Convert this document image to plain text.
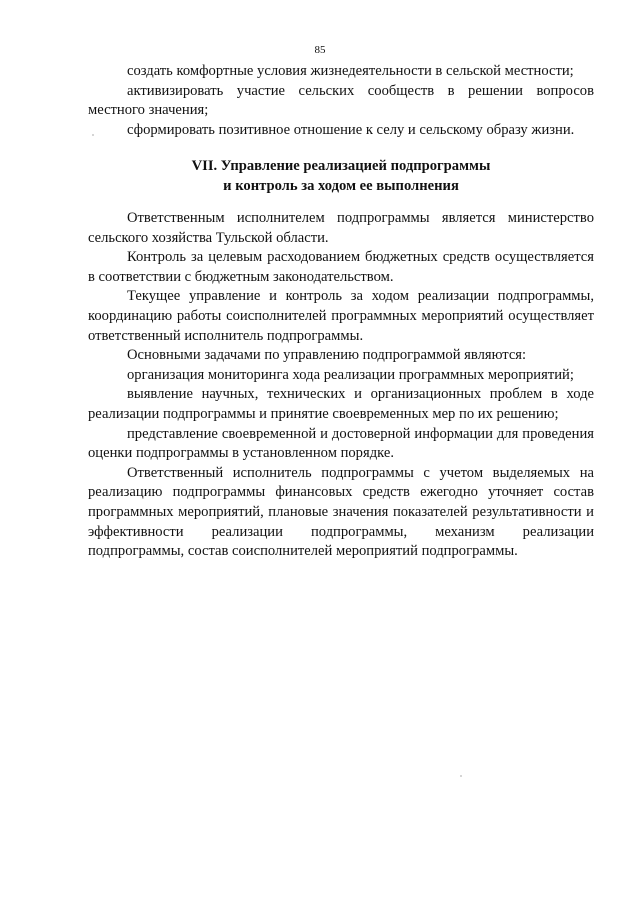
85

создать комфортные условия жизнедеятельности в сельской местности;

активизировать участие сельских сообществ в решении вопросов местного значения;

сформировать позитивное отношение к селу и сельскому образу жизни.

VII. Управление реализацией подпрограммы
и контроль за ходом ее выполнения

Ответственным исполнителем подпрограммы является министерство сельского хозяйства Тульской области.

Контроль за целевым расходованием бюджетных средств осуществляется в соответствии с бюджетным законодательством.

Текущее управление и контроль за ходом реализации подпрограммы, координацию работы соисполнителей программных мероприятий осуществляет ответственный исполнитель подпрограммы.

Основными задачами по управлению подпрограммой являются:

организация мониторинга хода реализации программных мероприятий;

выявление научных, технических и организационных проблем в ходе реализации подпрограммы и принятие своевременных мер по их решению;

представление своевременной и достоверной информации для проведения оценки подпрограммы в установленном порядке.

Ответственный исполнитель подпрограммы с учетом выделяемых на реализацию подпрограммы финансовых средств ежегодно уточняет состав программных мероприятий, плановые значения показателей результативности и эффективности реализации подпрограммы, механизм реализации подпрограммы, состав соисполнителей мероприятий подпрограммы.
